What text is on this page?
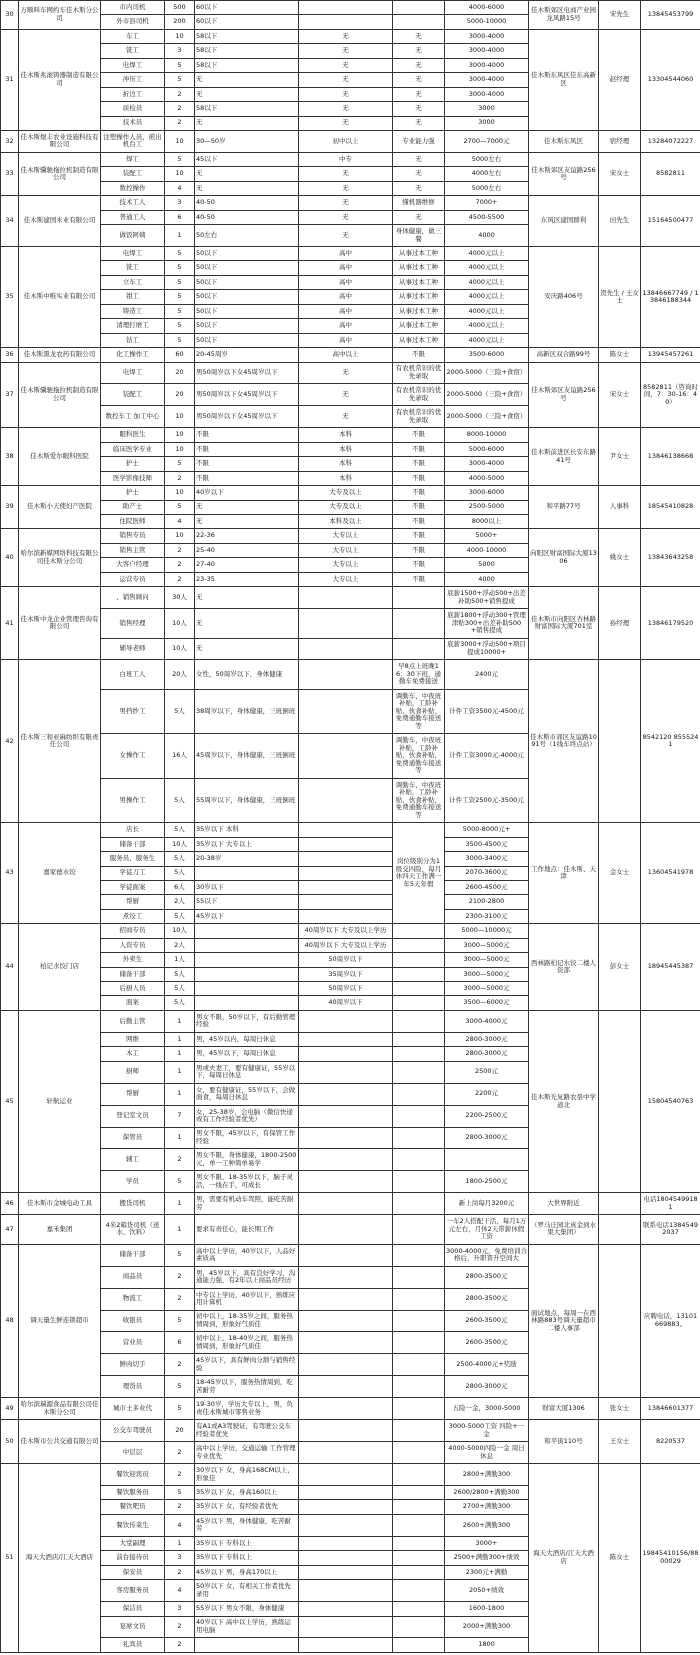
30	万顺叫车网约车佳木斯分公司	市内司机	500	60以下			4000-6000	佳木斯郊区电商产业园龙凤路15号	宋先生	13845453799
		外市县司机	200	60以下			5000-10000			
31	佳木斯兆滚铸器制造有限公司	车工	10	58以下	无	无	3000-4000	佳木斯东风区佳东高新区	赵经理	13304544060
		铣工	3	58以下	无	无	3000-4000			
		电焊工	5	58以下	无	无	3000-4000			
		冲压工	5	无	无	无	3000-4000			
		折边工	2	无	无	无	3000-4000			
		质检员	2	58以下	无	无	3000			
		技术员	2	无	无	无	3000			
32	佳木斯煜丰农业设施科技有限公司	注塑操作人员，煎出机台工	10	30—50岁	初中以上	专业能力强	2700—7000元	佳木斯东风区	宿经理	13284072227
33	佳木斯骥驰拖拉机制造有限公司	焊工	5	45以下	中专	无	5000左右	佳木斯郊区友谊路256号	宋女士	8582811
		装配工	10	无	无	无	4000左右			
		数控操作	4	无	无	无	5000左右			
34	佳木斯建国米业有限公司	技术工人	3	40-50	无	懂机器维修	7000+	东风区建国群利	田先生	15164500477
		普通工人	6	40-50	无	无	4500-5500			
		做饭阿姨	1	50左右	无	身体健康，做三餐	4000			
35	佳木斯中唯实业有限公司	电焊工	5	50以下	高中	从事过本工种	4000元以上	安庆路406号	贺先生 / 王女士	13846667749 / 13846188344
		铣工	5	50以下	高中	从事过本工种	4000元以上			
		立车工	5	50以下	高中	从事过本工种	4000元以上			
		钳工	5	50以下	高中	从事过本工种	4000元以上			
		铸造工	5	50以下	高中	从事过本工种	4000元以上			
		清理打磨工	5	50以下	高中	从事过本工种	4000元以上			
		钻工	5	50以下	高中	从事过本工种	4000元以上			
36	佳木斯黑龙农药有限公司	化工操作工	60	20-45周岁	高中以上	不限	3500-6000	高新区双合路99号	陈女士	13945457261
37	佳木斯骥驰拖拉机制造有限公司	电焊工	20	男50周岁以下女45周岁以下	无	有农机常识的优先录取	2000-5000（三险+食宿）	佳木斯郊区友谊路256号	宋女士	8582811（咨询时间，7：30-16：40）
		装配工	20	男50周岁以下女45周岁以下	无	有农机常识的优先录取	2000-5000（三险+食宿）			
		数控车工 加工中心	10	男50周岁以下女45周岁以下	无	有农机常识的优先录取	2000-5000（三险+食宿）			
38	佳木斯爱尔眼科医院	眼科医生	10	不限	本科	不限	8000-10000	佳木斯前进区长安东路41号	尹女士	13846138668
		临床医学专业	10	不限	本科	不限	5000-6000			
		护士	5	不限	本科	不限	3000-4000			
		医学影像技师	2	不限	本科	不限	4000-5000			
39	佳木斯小天使妇产医院	护士	10	40岁以下	大专及以上	不限	3000-6000	和平路77号	人事科	18545410828
		助产士	5	无	大专及以上	不限	2500-5000			
		住院医师	4	无	本科及以上	不限	8000以上			
40	哈尔滨新媒网络科技有限公司佳木斯分公司	销售专员	10	22-36	大专以上	不限	5000+	向阳区财富国际大厦1306	姚女士	13843643258
		销售主管	2	25-40	大专以上	不限	4000-10000			
		大客户经理	2	27-40	大专以上	不限	5000			
		运营专员	2	23-35	大专以上	不限	4000			
41	佳木斯中龙企业管理咨询有限公司	、销售顾问	30人	无			底薪1500+浮动500+出差补助500+销售提成	佳木斯市向阳区杏林路财富国际大厦701室	孙经理	13846179520
		销售经理	10人	无			底薪1800+浮动300+管理津贴300+出差补助500+销售提成			
		辅导老师	10人	无			底薪3000+浮动500+项目提成10000+			
42	佳木斯三和亚麻纺织有限责任公司	白班工人	20人	女性，50周岁以下，身体健康		早8点上班晚16：30下班，通勤车免费接送	2400元	佳木斯市郊区友谊路1091号（1线车终点站）		8542120 8555241
		男挡纱工	5人	38周岁以下，身体健康，三班倒班		调勤车，中夜班补贴，工龄补贴，伙食补贴，免费通勤车接送等	计件工资3500元-4500元			
		女操作工	16人	45周岁以下，身体健康，三班倒班		调勤车，中夜班补贴，工龄补贴，伙食补贴，免费通勤车接送等	计件工资3000元-4000元			
		男操作工	5人	55周岁以下，身体健康，三班倒班		调勤车，中夜班补贴，工龄补贴，伙食补贴，免费通勤车接送等	计件工资2500元-3500元			
43	嘉家德水饺	店长	5人	35岁以下 本科		岗位级别分为1级交四险，每月休四天工作满一年5天年假	5000-8000元+	工作地点：佳木斯、天津	金女士	13604541978
		储备干部	10人	35岁以下 大专以上			3500-4500元			
		服务员、服务生	5人	20-38岁			3000-3400元			
		学徒刀工	5人				2070-3600元			
		学徒面案	6人	30岁以下			2600-4500元			
		帮厨	2人	55以下			2100-2800			
		煮饺工	5人	45岁以下			2300-3100元			
44	柏记水饺门店	招商专员	10人		40周岁以下 大专及以上学历		5000—10000元	西林路柏记水饺二楼人资部	彭女士	18945445387
		人资专员	2人		40周岁以下 大专及以上学历		3000—5000元			
		外卖生	1人		50周岁以下		3000—5000元			
		储备干部	5人		35周岁以下		3000—5000元			
		后厨人员	5人		50周岁以下		3000—5000元			
		面案	5人		40周岁以下		3500—6000元			
45	轩航运业	后勤主管	1	男女不限，50岁以下，有后勤管理经验			3000-4000元	佳木斯光复路农垦中学道北		15804540763
		网维	1	男，45岁以内，每周日休息			2800-3000元			
		木工	1	男，45岁以下，每周日休息			2800-3000元			
		厨师	1	男或夫妻工，要有健康证，55岁以下，每周日休息			2500元			
		帮厨	1	女，要有健康证，55岁以下，会做面食，每周日休息			2200元			
		登记室文员	7	女，25-38岁，会电脑（微信快递或有工作经验者优先）			2200-2500元			
		保管员	1	男女不限，45岁以下，有保管工作经验			2800-3000元			
		辅工	2	男女不限，身体健康，1800-2500元，单一工种简单易学						
		学员	5	男女不限，18-35岁以下，脑子灵活，一线在手，可成长			1800-2500元			
46	佳木斯市金城电动工具	搬货司机	1	男，需要有机动车驾照，能吃苦耐劳			新上岗每月3200元	大世界附近		电话18045499181
47	嘉禾集团	4米2箱货司机（送水、饮料）	1	要求有责任心，能长期工作			一车2人搭配干活，每月1万元左右，月休2天带薪休假工资	（罗马庄园北真金到水果大集团）		联系电话13845492037
48	调天量生鲜连锁超市	储备干部	5	高中以上学历，40岁以下，人品好素质高			3000-4000元，免费培训合格后，升职晋升空间大	面试地点，每周一在西林路883号调天量超市二楼人事部		应聘电话，13101669883。
		商品员	2	男，45岁以下，具有良好学习、沟通能力强，有2年以上商品员经历			2800-3500元			
		物流工	2	中专以上学历，40岁以下，熟练应用计算机			2800-3500元			
		收银员	5	初中以上，18-35岁之间，服务热情周到，形象好气质佳			2600-3500元			
		营业员	6	初中以上，18-40岁之间，服务热情周到，形象好气质佳			2600-3500元			
		鲜肉切手	2	45岁以下，具有鲜肉分割与销售经验			2500-4000元+奖励			
		理货员	5	18-45岁以下，服务热情周到，吃苦耐劳			2800-3000元			
49	哈尔滨瑞源食品有限公司佳木斯分公司	城市士多业代	5	19-30岁，学历大专以上，男，负责佳木斯城市零售业务			五险一金，3000-5000	财富大厦1306	张女士	13846601377
50	佳木斯市公共交通有限公司	公交车驾驶员	20	有A1或A3驾驶证，有驾驶公交车经验者优先			3000-5000工资 四险+一金	和平街110号	王女士	8220537
		中层层	2	高中以上学历，交通运输 工作管理专业优先			4000-5000四险一金 周日休息			
51	海天大酒店/江天大酒店	餐饮迎宾员	2	30岁以下 女，身高168CM以上，形象佳			2800+满勤300	海天大酒店/江天大酒店	陈女士	19845410156/8800029
		餐饮服务员	5	35岁以下 女，身高160以上			2600/2800+满勤300			
		餐饮吧员	2	35岁以下 女，有经验者优先			2700+满勤300			
		餐饮传菜生	4	45岁以下 男，身体健康，吃苦耐劳			2600+满勤300			
		大堂副理	1	35岁以下 专科以上			3000+			
		前台接待员	3	35岁以下 专科以上			2500+满勤300+绩效			
		保安员	2	45岁以下 男，身高170以上			2300元+满勤			
		客房服务员	4	50岁以下 女，有相关工作者优先录用			2050+绩效			
		保洁员	3	55岁以下 男女不限，身体健康			1600-1800			
		宴席文员	2	40岁以下 高中以上学历，熟练运用电脑			2000+满勤300			
		礼宾员	2				1800			
